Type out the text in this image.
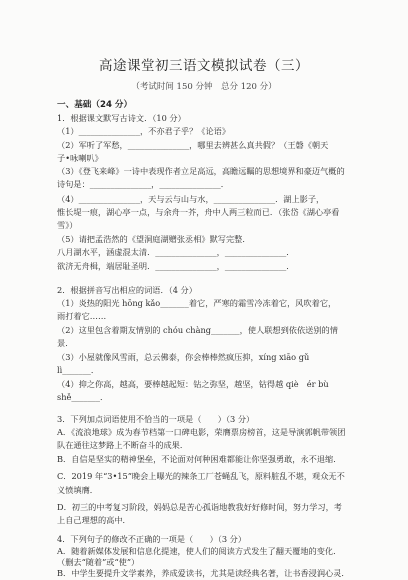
高途课堂初三语文模拟试卷（三）
（考试时间 150 分钟　总分 120 分）
一、基础（24 分）
1．根据课文默写古诗文．（10 分）
（1）_______________，不亦君子乎？《论语》
（2）军听了军愁，_______________，哪里去辨甚么真共假？（王磐《朝天
子•咏喇叭》
（3）《登飞来峰》一诗中表现作者立足高远，高瞻远瞩的思想境界和豪迈气概的
诗句是：_______________，_______________．
（4）_______________，天与云与山与水，_______________．湖上影子，
惟长堤一痕，湖心亭一点，与余舟一芥，舟中人两三粒而已．（张岱《湖心亭看
雪》）
（5）请把孟浩然的《望洞庭湖赠张丞相》默写完整．
八月湖水平，涵虚混太清．_______________，_______________．
欲济无舟楫，端居耻圣明．_______________，_______________．
2．根据拼音写出相应的词语．（4 分）
（1）炎热的阳光 hōng kǎo_______着它，严寒的霜雪冷冻着它，风吹着它，
雨打着它……
（2）这里包含着期友情别的 chóu chàng_______，使人联想到依依送别的情
景．
（3）小屋就像风雪雨，总云佛泰，你会棒棒然疯压抑，xíng xiāo gǔ
lì_______．
（4）抑之你高，越高，要棒越起短：钻之弥坚，越坚，钻得越 qiè　ér bù
shě_______．
3．下列加点词语使用不恰当的一项是（　　）（3 分）
A．《流浪地球》成为春节档第一口碑电影，荣膺票房榜首，这是导演郭帆带领团
队在通往这梦路上不断奋斗的成果．
B．自信是坚实的精神堡垒，不论面对何种困难都能让你坚强勇敢，永不退缩．
C．2019 年“3•15”晚会上曝光的辣条工厂苍蝇乱飞，原料脏乱不堪，观众无不
义愤填膺．
D．初三的中考复习阶段，妈妈总是苦心孤诣地教我好好修时间，努力学习，考
上自己理想的高中．
4．下列句子的修改不正确的一项是（　　）（3 分）
A．随着新媒体发展和信息化提速，使人们的阅读方式发生了翻天覆地的变化．
（删去“随着”或“使”）
B．中学生要提升文学素养，养成爱读书，尤其是读经典名著，让书香浸润心灵．
